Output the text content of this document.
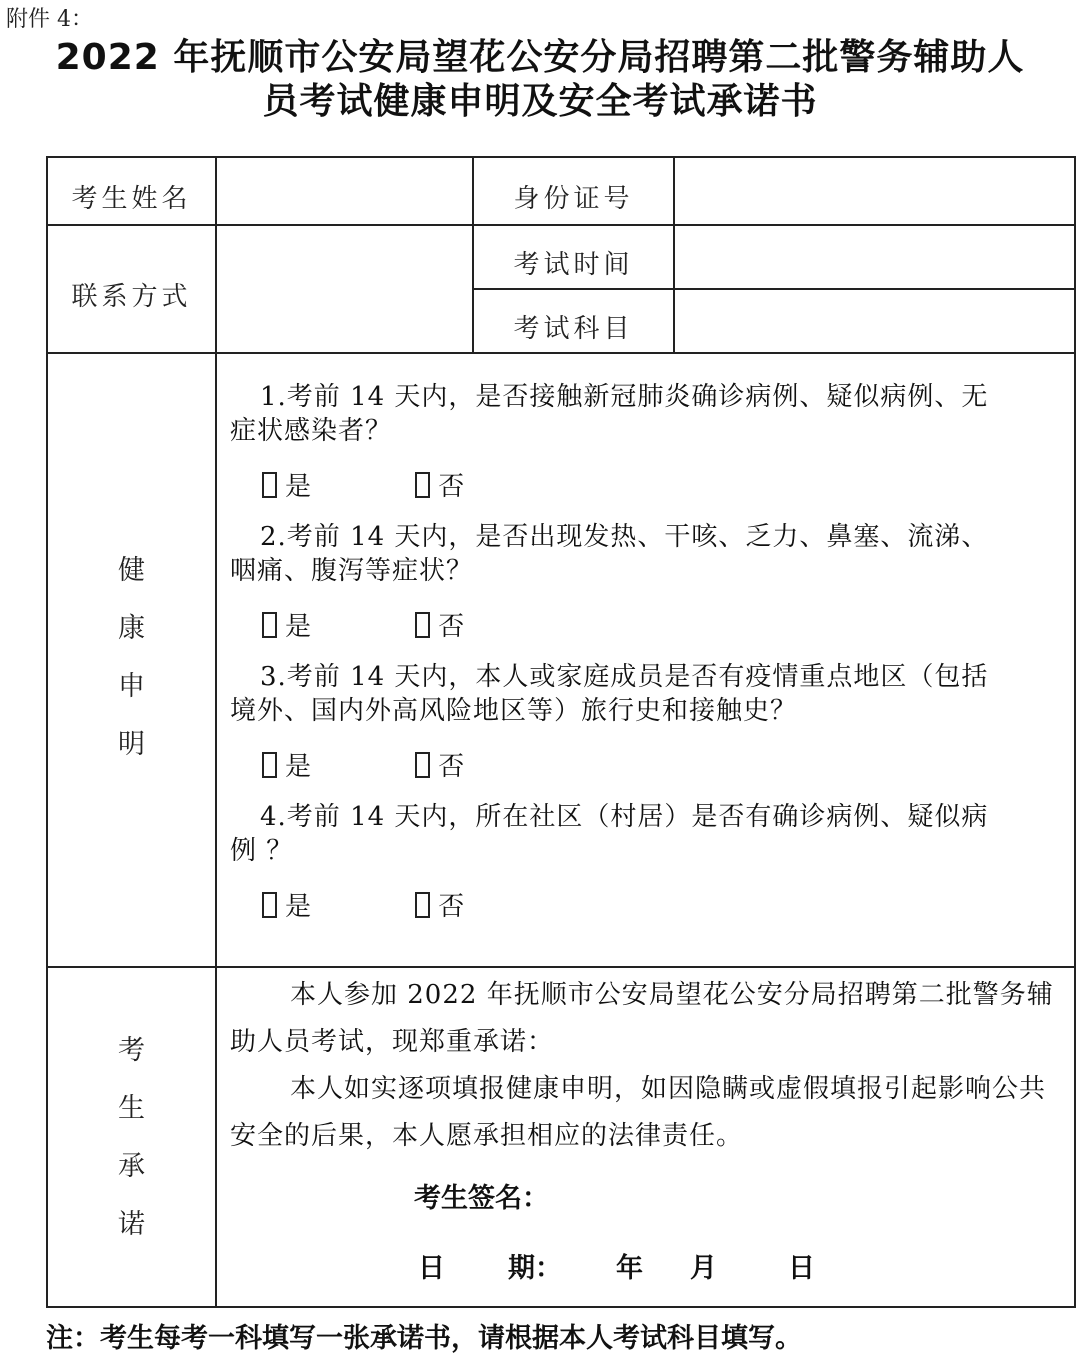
附件 4：
2022 年抚顺市公安局望花公安分局招聘第二批警务辅助人
员考试健康申明及安全考试承诺书
考生姓名	身份证号
联系方式
考试时间
考试科目
健
康
申
明
1.考前 14 天内，是否接触新冠肺炎确诊病例、疑似病例、无
症状感染者？
是	否
2.考前 14 天内，是否出现发热、干咳、乏力、鼻塞、流涕、
咽痛、腹泻等症状？
是	否
3.考前 14 天内，本人或家庭成员是否有疫情重点地区（包括
境外、国内外高风险地区等）旅行史和接触史？
是	否
4.考前 14 天内，所在社区（村居）是否有确诊病例、疑似病
例 ？
是	否
考
生
承
诺

本人参加 2022 年抚顺市公安局望花公安分局招聘第二批警务辅助人员考试，现郑重承诺：

本人如实逐项填报健康申明，如因隐瞒或虚假填报引起影响公共安全的后果，本人愿承担相应的法律责任。

考生签名：
日 期： 年 月	日
注：考生每考一科填写一张承诺书，请根据本人考试科目填写。
